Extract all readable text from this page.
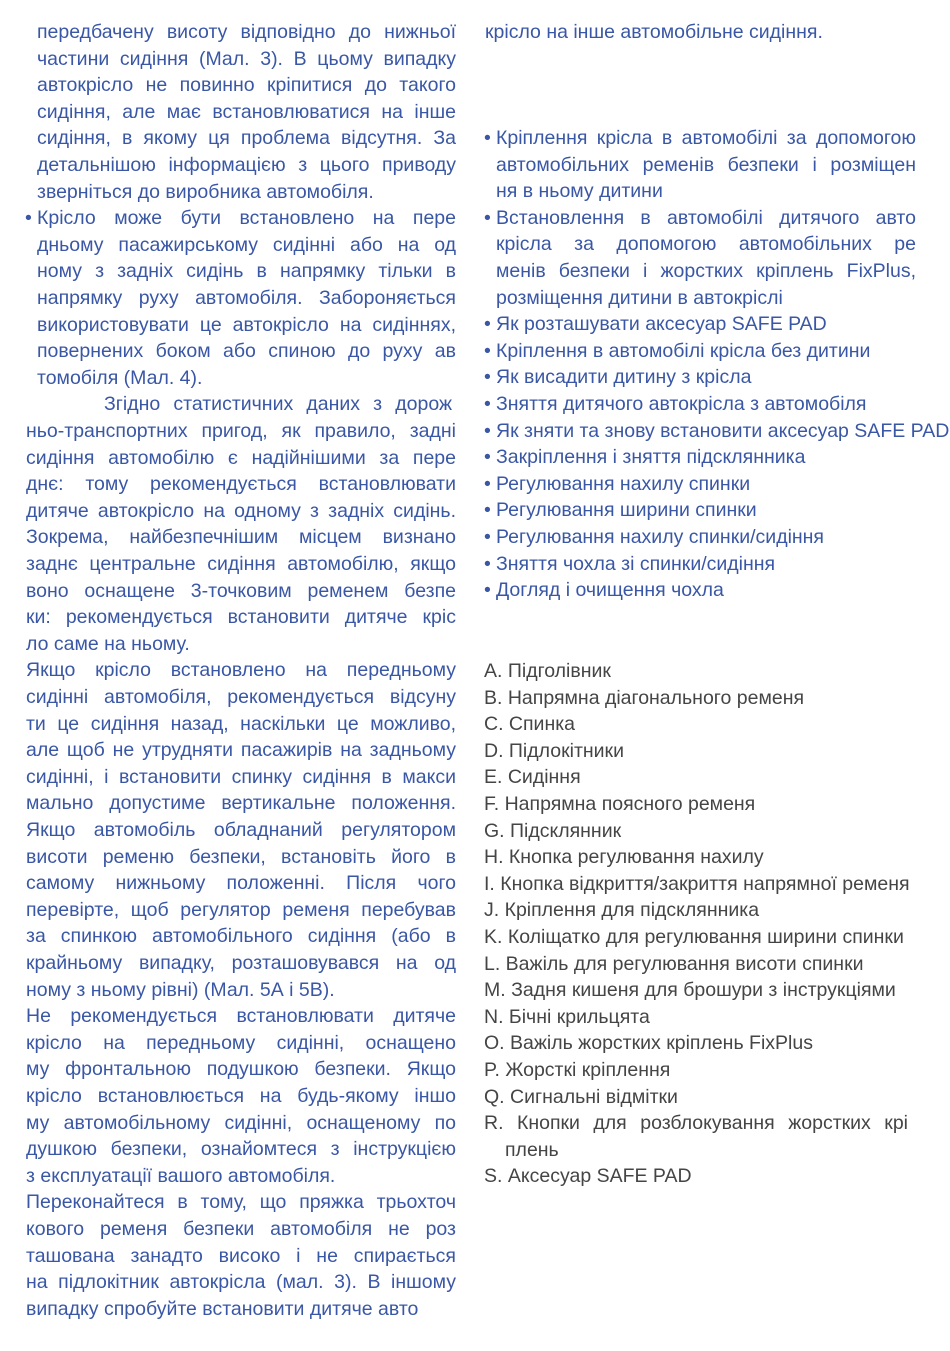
передбачену висоту відповідно до нижньої
частини сидіння (Мал. 3). В цьому випадку
автокрісло не повинно кріпитися до такого
сидіння, але має встановлюватися на інше
сидіння, в якому ця проблема відсутня. За
детальнішою інформацією з цього приводу
зверніться до виробника автомобіля.
• Крісло може бути встановлено на пере
дньому пасажирському сидінні або на од
ному з задніх сидінь в напрямку тільки в
напрямку руху автомобіля. Забороняється
використовувати це автокрісло на сидіннях,
повернених боком або спиною до руху ав
томобіля (Мал. 4).
Згідно статистичних даних з дорож
ньо-транспортних пригод, як правило, задні
сидіння автомобілю є надійнішими за пере
днє: тому рекомендується встановлювати
дитяче автокрісло на одному з задніх сидінь.
Зокрема, найбезпечнішим місцем визнано
заднє центральне сидіння автомобілю, якщо
воно оснащене 3-точковим ременем безпе
ки: рекомендується встановити дитяче кріс
ло саме на ньому.
Якщо крісло встановлено на передньому
сидінні автомобіля, рекомендується відсуну
ти це сидіння назад, наскільки це можливо,
але щоб не утрудняти пасажирів на задньому
сидінні, і встановити спинку сидіння в макси
мально допустиме вертикальне положення.
Якщо автомобіль обладнаний регулятором
висоти ременю безпеки, встановіть його в
самому нижньому положенні. Після чого
перевірте, щоб регулятор ременя перебував
за спинкою автомобільного сидіння (або в
крайньому випадку, розташовувався на од
ному з ньому рівні) (Мал. 5А і 5В).
Не рекомендується встановлювати дитяче
крісло на передньому сидінні, оснащено
му фронтальною подушкою безпеки. Якщо
крісло встановлюється на будь-якому іншо
му автомобільному сидінні, оснащеному по
душкою безпеки, ознайомтеся з інструкцією
з експлуатації вашого автомобіля.
Переконайтеся в тому, що пряжка трьохточ
кового ременя безпеки автомобіля не роз
ташована занадто високо і не спирається
на підлокітник автокрісла (мал. 3). В іншому
випадку спробуйте встановити дитяче авто
крісло на інше автомобільне сидіння.
• Кріплення крісла в автомобілі за допомогою
автомобільних ременів безпеки і розміщен
ня в ньому дитини
• Встановлення в автомобілі дитячого авто
крісла за допомогою автомобільних ре
менів безпеки і жорстких кріплень FixPlus,
розміщення дитини в автокріслі
• Як розташувати аксесуар SAFE PAD
• Кріплення в автомобілі крісла без дитини
• Як висадити дитину з крісла
• Зняття дитячого автокрісла з автомобіля
• Як зняти та знову встановити аксесуар SAFE PAD
• Закріплення і зняття підсклянника
• Регулювання нахилу спинки
• Регулювання ширини спинки
• Регулювання нахилу спинки/сидіння
• Зняття чохла зі спинки/сидіння
• Догляд і очищення чохла
A. Підголівник
B. Напрямна діагонального ременя
C. Спинка
D. Підлокітники
E. Сидіння
F. Напрямна поясного ременя
G. Підсклянник
H. Кнопка регулювання нахилу
I. Кнопка відкриття/закриття напрямної ременя
J. Кріплення для підсклянника
K. Коліщатко для регулювання ширини спинки
L. Важіль для регулювання висоти спинки
M. Задня кишеня для брошури з інструкціями
N. Бічні крильцята
O. Важіль жорстких кріплень FixPlus
P. Жорсткі кріплення
Q. Сигнальні відмітки
R. Кнопки для розблокування жорстких крі
плень
S. Аксесуар SAFE PAD
